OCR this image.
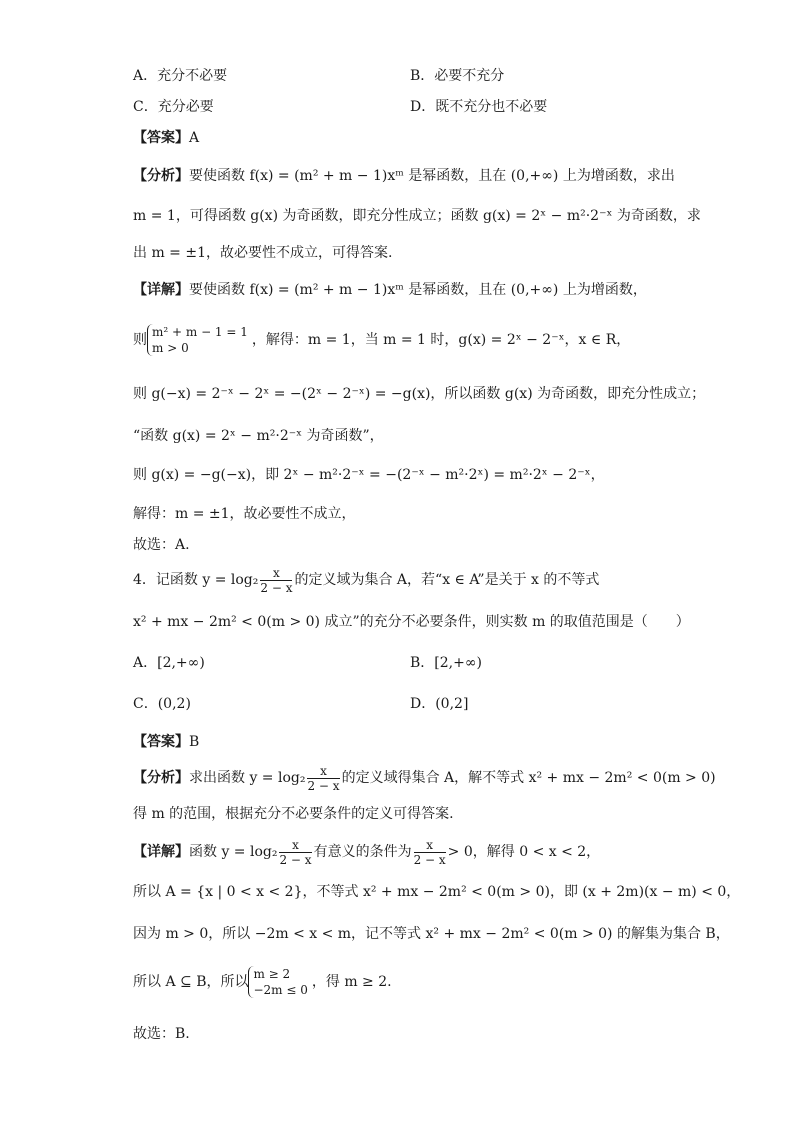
A．充分不必要	B．必要不充分
C．充分必要	D．既不充分也不必要
【答案】A
【分析】要使函数 f(x) = (m² + m − 1)xᵐ 是幂函数，且在 (0,+∞) 上为增函数，求出
m = 1，可得函数 g(x) 为奇函数，即充分性成立；函数 g(x) = 2ˣ − m²·2⁻ˣ 为奇函数，求
出 m = ±1，故必要性不成立，可得答案.
【详解】要使函数 f(x) = (m² + m − 1)xᵐ 是幂函数，且在 (0,+∞) 上为增函数，
则 m² + m − 1 = 1
m > 0	，解得：m = 1，当 m = 1 时，g(x) = 2ˣ − 2⁻ˣ，x ∈ R，
则 g(−x) = 2⁻ˣ − 2ˣ = −(2ˣ − 2⁻ˣ) = −g(x)，所以函数 g(x) 为奇函数，即充分性成立；
“函数 g(x) = 2ˣ − m²·2⁻ˣ 为奇函数”，
则 g(x) = −g(−x)，即 2ˣ − m²·2⁻ˣ = −(2⁻ˣ − m²·2ˣ) = m²·2ˣ − 2⁻ˣ，
解得：m = ±1，故必要性不成立，
故选：A.
4．记函数 $y = \log_2 \frac{x}{2 - x}$ 的定义域为集合 A，若“x ∈ A”是关于 x 的不等式
x² + mx − 2m² < 0(m > 0) 成立”的充分不必要条件，则实数 m 的取值范围是（　　）
A．[2,+∞)	B．[2,+∞)
C．(0,2)	D．(0,2]
【答案】B
【分析】求出函数 $y = \log_2 \frac{x}{2 - x}$ 的定义域得集合 A，解不等式 x² + mx − 2m² < 0(m > 0)
得 m 的范围，根据充分不必要条件的定义可得答案.
【详解】函数 $y = \log_2 \frac{x}{2 - x}$ 有意义的条件为 $\frac{x}{2 - x} > 0$，解得 0 < x < 2，
所以 A = {x | 0 < x < 2}，不等式 x² + mx − 2m² < 0(m > 0)，即 (x + 2m)(x − m) < 0，
因为 m > 0，所以 −2m < x < m，记不等式 x² + mx − 2m² < 0(m > 0) 的解集为集合 B，
所以 A ⊆ B，所以 m ≥ 2
−2m ≤ 0 ，得 m ≥ 2.
故选：B.
